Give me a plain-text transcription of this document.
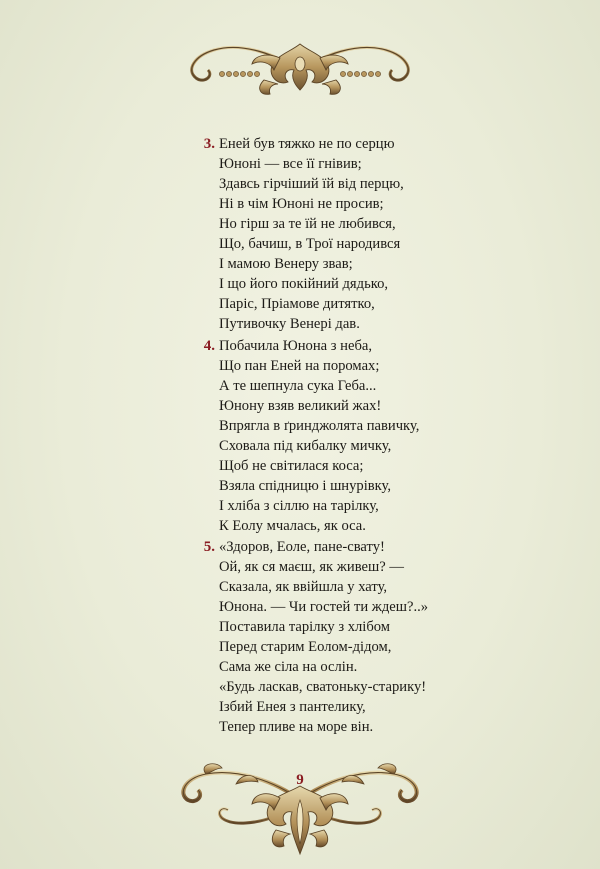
3. Еней був тяжко не по серцю
Юноні — все її гнівив;
Здавсь гірчіший їй від перцю,
Ні в чім Юноні не просив;
Но гірш за те їй не любився,
Що, бачиш, в Трої народився
І мамою Венеру звав;
І що його покійний дядько,
Паріс, Пріамове дитятко,
Путивочку Венері дав.
4. Побачила Юнона з неба,
Що пан Еней на поромах;
А те шепнула сука Геба...
Юнону взяв великий жах!
Впрягла в ґринджолята павичку,
Сховала під кибалку мичку,
Щоб не світилася коса;
Взяла спідницю і шнурівку,
І хліба з сіллю на тарілку,
К Еолу мчалась, як оса.
5. «Здоров, Еоле, пане-свату!
Ой, як ся маєш, як живеш? —
Сказала, як ввійшла у хату,
Юнона. — Чи гостей ти ждеш?..»
Поставила тарілку з хлібом
Перед старим Еолом-дідом,
Сама же сіла на ослін.
«Будь ласкав, сватоньку-старику!
Ізбий Енея з пантелику,
Тепер пливе на море він.
9
